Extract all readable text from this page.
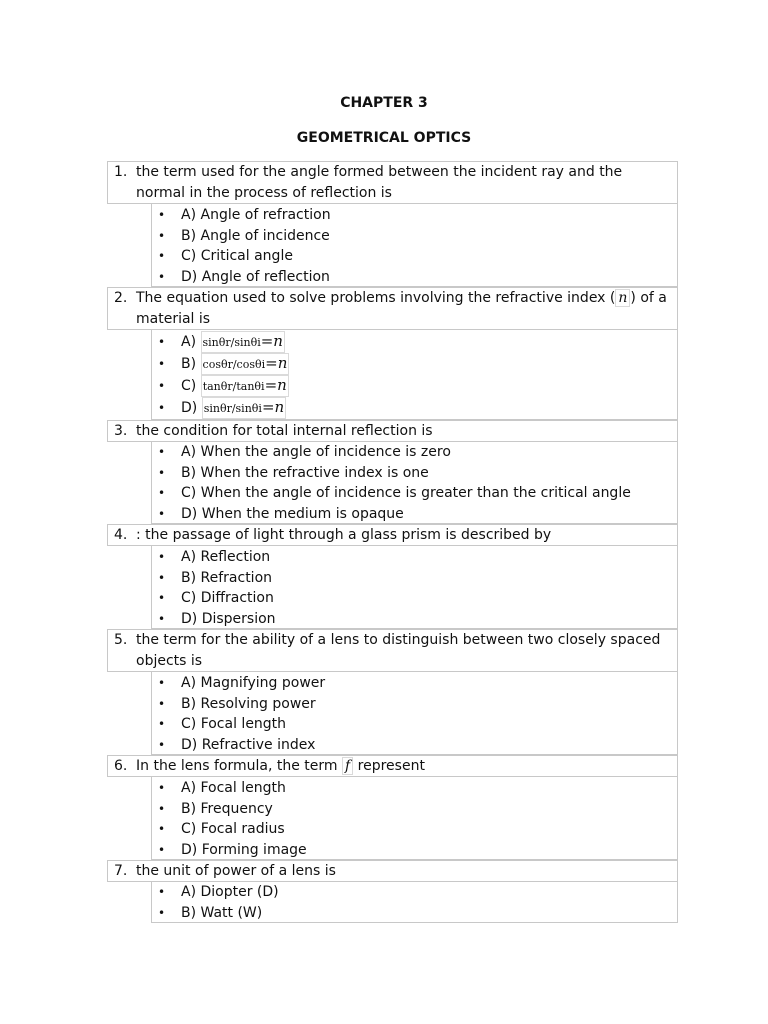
CHAPTER 3
GEOMETRICAL OPTICS
1. the term used for the angle formed between the incident ray and the normal in the process of reflection is
• A) Angle of refraction
• B) Angle of incidence
• C) Critical angle
• D) Angle of reflection
2. The equation used to solve problems involving the refractive index ( n ) of a material is
• A) sinθr/sinθi=n
• B) cosθr/cosθi=n
• C) tanθr/tanθi=n
• D) sinθr/sinθi=n
3. the condition for total internal reflection is
• A) When the angle of incidence is zero
• B) When the refractive index is one
• C) When the angle of incidence is greater than the critical angle
• D) When the medium is opaque
4. : the passage of light through a glass prism is described by
• A) Reflection
• B) Refraction
• C) Diffraction
• D) Dispersion
5. the term for the ability of a lens to distinguish between two closely spaced objects is
• A) Magnifying power
• B) Resolving power
• C) Focal length
• D) Refractive index
6. In the lens formula, the term f represent
• A) Focal length
• B) Frequency
• C) Focal radius
• D) Forming image
7. the unit of power of a lens is
• A) Diopter (D)
• B) Watt (W)
